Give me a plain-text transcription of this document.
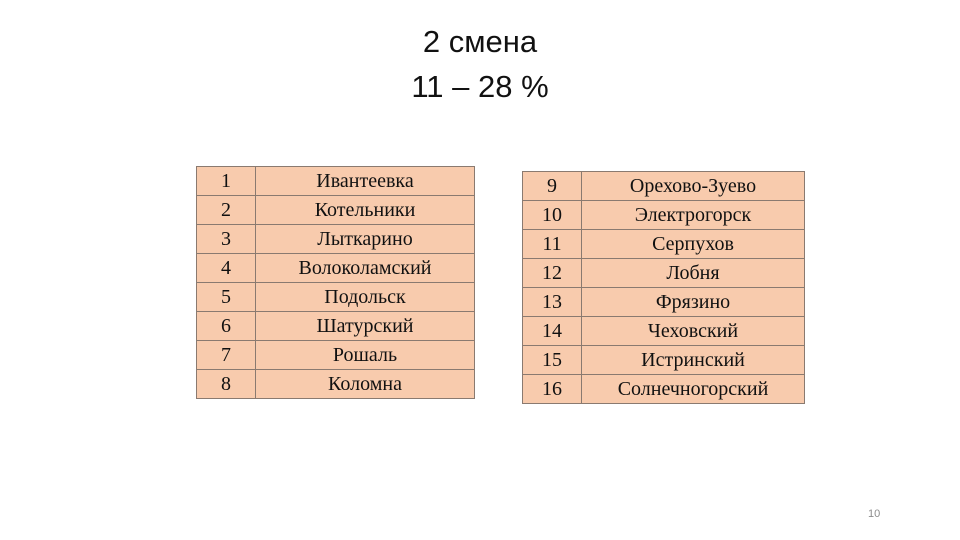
2 смена
11 – 28 %
1	Ивантеевка
2	Котельники
3	Лыткарино
4	Волоколамский
5	Подольск
6	Шатурский
7	Рошаль
8	Коломна
9	Орехово-Зуево
10	Электрогорск
11	Серпухов
12	Лобня
13	Фрязино
14	Чеховский
15	Истринский
16	Солнечногорский
10
